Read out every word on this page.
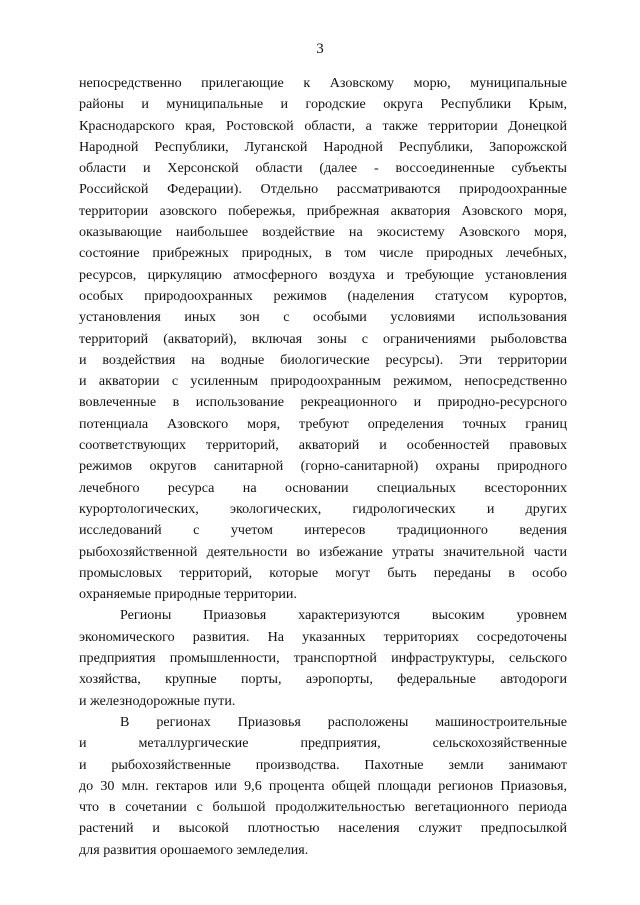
3
непосредственно прилегающие к Азовскому морю, муниципальные
районы и муниципальные и городские округа Республики Крым,
Краснодарского края, Ростовской области, а также территории Донецкой
Народной Республики, Луганской Народной Республики, Запорожской
области и Херсонской области (далее - воссоединенные субъекты
Российской Федерации). Отдельно рассматриваются природоохранные
территории азовского побережья, прибрежная акватория Азовского моря,
оказывающие наибольшее воздействие на экосистему Азовского моря,
состояние прибрежных природных, в том числе природных лечебных,
ресурсов, циркуляцию атмосферного воздуха и требующие установления
особых природоохранных режимов (наделения статусом курортов,
установления иных зон с особыми условиями использования
территорий (акваторий), включая зоны с ограничениями рыболовства
и воздействия на водные биологические ресурсы). Эти территории
и акватории с усиленным природоохранным режимом, непосредственно
вовлеченные в использование рекреационного и природно-ресурсного
потенциала Азовского моря, требуют определения точных границ
соответствующих территорий, акваторий и особенностей правовых
режимов округов санитарной (горно-санитарной) охраны природного
лечебного ресурса на основании специальных всесторонних
курортологических, экологических, гидрологических и других
исследований с учетом интересов традиционного ведения
рыбохозяйственной деятельности во избежание утраты значительной части
промысловых территорий, которые могут быть переданы в особо
охраняемые природные территории.
Регионы Приазовья характеризуются высоким уровнем
экономического развития. На указанных территориях сосредоточены
предприятия промышленности, транспортной инфраструктуры, сельского
хозяйства, крупные порты, аэропорты, федеральные автодороги
и железнодорожные пути.
В регионах Приазовья расположены машиностроительные
и металлургические предприятия, сельскохозяйственные
и рыбохозяйственные производства. Пахотные земли занимают
до 30 млн. гектаров или 9,6 процента общей площади регионов Приазовья,
что в сочетании с большой продолжительностью вегетационного периода
растений и высокой плотностью населения служит предпосылкой
для развития орошаемого земледелия.
